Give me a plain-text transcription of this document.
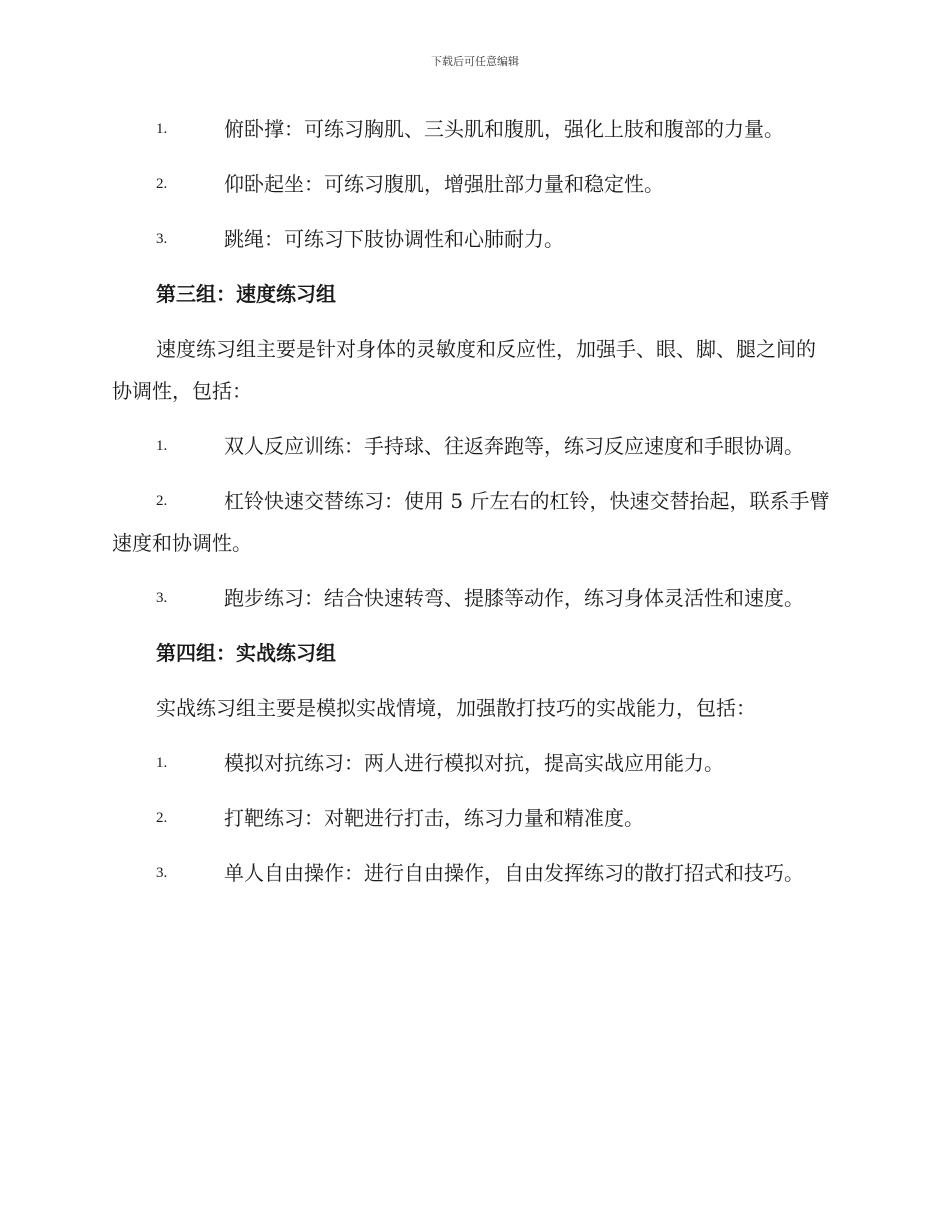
下载后可任意编辑
1.	俯卧撑：可练习胸肌、三头肌和腹肌，强化上肢和腹部的力量。
2.	仰卧起坐：可练习腹肌，增强肚部力量和稳定性。
3.	跳绳：可练习下肢协调性和心肺耐力。
第三组：速度练习组
速度练习组主要是针对身体的灵敏度和反应性，加强手、眼、脚、腿之间的协调性，包括：
1.	双人反应训练：手持球、往返奔跑等，练习反应速度和手眼协调。
2.	杠铃快速交替练习：使用 5 斤左右的杠铃，快速交替抬起，联系手臂速度和协调性。
3.	跑步练习：结合快速转弯、提膝等动作，练习身体灵活性和速度。
第四组：实战练习组
实战练习组主要是模拟实战情境，加强散打技巧的实战能力，包括：
1.	模拟对抗练习：两人进行模拟对抗，提高实战应用能力。
2.	打靶练习：对靶进行打击，练习力量和精准度。
3.	单人自由操作：进行自由操作，自由发挥练习的散打招式和技巧。
